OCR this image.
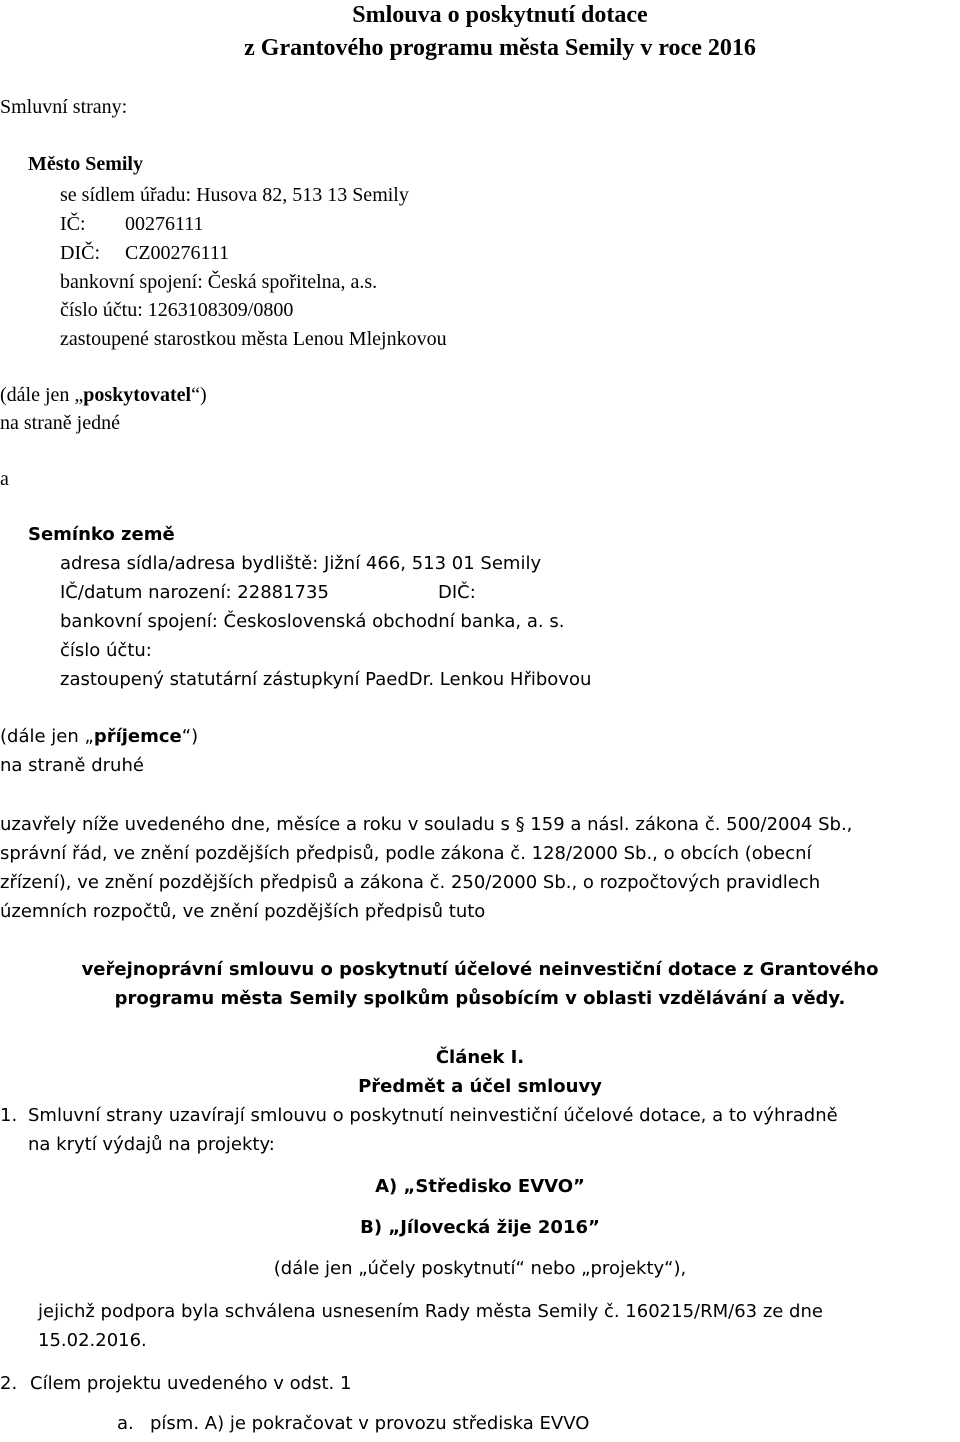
Smlouva o poskytnutí dotace
z Grantového programu města Semily v roce 2016
Smluvní strany:
Město Semily
se sídlem úřadu: Husova 82, 513 13 Semily
IČ: 00276111
DIČ: CZ00276111
bankovní spojení: Česká spořitelna, a.s.
číslo účtu: 1263108309/0800
zastoupené starostkou města Lenou Mlejnkovou
(dále jen „poskytovatel“)
na straně jedné
a
Semínko země
adresa sídla/adresa bydliště: Jižní 466, 513 01 Semily
IČ/datum narození: 22881735	DIČ:
bankovní spojení: Československá obchodní banka, a. s.
číslo účtu:
zastoupený statutární zástupkyní PaedDr. Lenkou Hřibovou
(dále jen „příjemce“)
na straně druhé
uzavřely níže uvedeného dne, měsíce a roku v souladu s § 159 a násl. zákona č. 500/2004 Sb.,
správní řád, ve znění pozdějších předpisů, podle zákona č. 128/2000 Sb., o obcích (obecní
zřízení), ve znění pozdějších předpisů a zákona č. 250/2000 Sb., o rozpočtových pravidlech
územních rozpočtů, ve znění pozdějších předpisů tuto
veřejnoprávní smlouvu o poskytnutí účelové neinvestiční dotace z Grantového
programu města Semily spolkům působícím v oblasti vzdělávání a vědy.
Článek I.
Předmět a účel smlouvy
1. Smluvní strany uzavírají smlouvu o poskytnutí neinvestiční účelové dotace, a to výhradně
na krytí výdajů na projekty:
A) „Středisko EVVO”
B) „Jílovecká žije 2016”
(dále jen „účely poskytnutí“ nebo „projekty“),
jejichž podpora byla schválena usnesením Rady města Semily č. 160215/RM/63 ze dne
15.02.2016.
2. Cílem projektu uvedeného v odst. 1
a. písm. A) je pokračovat v provozu střediska EVVO
